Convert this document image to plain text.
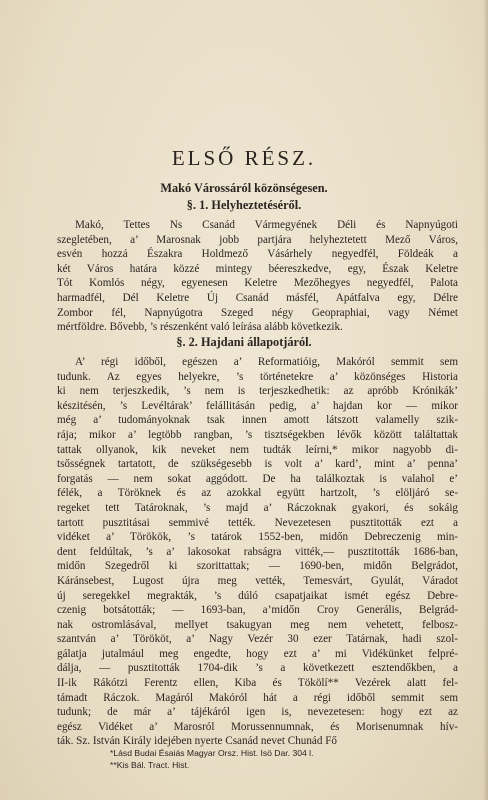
ELSŐ RÉSZ.
Makó Várossáról közönségesen.
§. 1. Helyheztetéséről.
Makó, Tettes Ns Csanád Vármegyének Déli és Napnyúgoti
szegletében, a’ Marosnak jobb partjára helyheztetett Mező Város,
esvén hozzá Északra Holdmező Vásárhely negyedfél, Földeák a
két Város határa közzé mintegy béereszkedve, egy, Észak Keletre
Tót Komlós négy, egyenesen Keletre Mezőhegyes negyedfél, Palota
harmadfél, Dél Keletre Új Csanád másfél, Apátfalva egy, Délre
Zombor fél, Napnyúgotra Szeged négy Geopraphiai, vagy Német
mértföldre. Bővebb, ’s részenként való leírása alább következik.
§. 2. Hajdani állapotjáról.
A’ régi időből, egészen a’ Reformatióig, Makóról semmit sem
tudunk. Az egyes helyekre, ’s történetekre a’ közönséges Historia
ki nem terjeszkedik, ’s nem is terjeszkedhetik: az apróbb Krónikák’
készitésén, ’s Levéltárak’ felállitásán pedig, a’ hajdan kor — mikor
még a’ tudományoknak tsak innen amott látszott valamelly szik-
rája; mikor a’ legtöbb rangban, ’s tisztségekben lévők között találtattak
tattak ollyanok, kik neveket nem tudták leírni,* mikor nagyobb di-
tsősségnek tartatott, de szükségesebb is volt a’ kard’, mint a’ penna’
forgatás — nem sokat aggódott. De ha találkoztak is valahol e’
félék, a Töröknek és az azokkal együtt hartzolt, ’s elöljáró se-
regeket tett Tatároknak, ’s majd a’ Ráczoknak gyakori, és sokáig
tartott pusztitásai semmivé tették. Nevezetesen pusztitották ezt a
vidéket a’ Törökök, ’s tatárok 1552-ben, midőn Debreczenig min-
dent feldúltak, ’s a’ lakosokat rabságra vitték,— pusztitották 1686-ban,
midőn Szegedről ki szorittattak; — 1690-ben, midőn Belgrádot,
Káránsebest, Lugost újra meg vették, Temesvárt, Gyulát, Váradot
új seregekkel megrakták, ’s dúló csapatjaikat ismét egész Debre-
czenig botsátották; — 1693-ban, a’midőn Croy Generális, Belgrád-
nak ostromlásával, mellyet tsakugyan meg nem vehetett, felbosz-
szantván a’ Törököt, a’ Nagy Vezér 30 ezer Tatárnak, hadi szol-
gálatja jutalmául meg engedte, hogy ezt a’ mi Vidékünket felpré-
dálja, — pusztitották 1704-dik ’s a következett esztendőkben, a
II-ik Rákótzi Ferentz ellen, Kiba és Tökölí** Vezérek alatt fel-
támadt Ráczok. Magáról Makóról hát a régi időből semmit sem
tudunk; de már a’ tájékáról igen is, nevezetesen: hogy ezt az
egész Vidéket a’ Marosról Morussennumnak, és Morisenumnak hív-
ták. Sz. István Király idejében nyerte Csanád nevet Chunád Fő
*Lásd Budai Ésaiás Magyar Orsz. Hist. Isö Dar. 304 l.
**Kis Bál. Tract. Hist.
